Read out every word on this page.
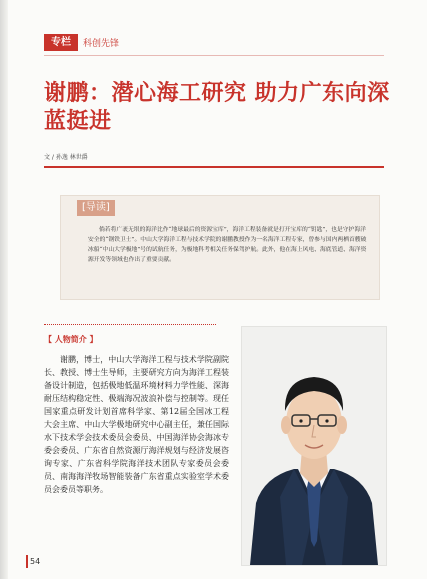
专栏	科创先锋
谢鹏：潜心海工研究 助力广东向深蓝挺进
文 / 孙逸 林世爵
[导读]

倘若将广袤无垠的海洋比作“地球最后的资源宝库”，海洋工程装备就是打开宝库的“钥匙”，也是守护海洋安全的“钢铁卫士”。中山大学海洋工程与技术学院的谢鹏教授作为一名海洋工程专家，曾参与国内两栖首艘破冰船“中山大学极地”号的试航任务，为极地科考相关任务保驾护航。此外，他在海上风电、海底管道、海洋资源开发等领域也作出了重要贡献。

【 人物简介 】

谢鹏，博士，中山大学海洋工程与技术学院副院长、教授、博士生导师，主要研究方向为海洋工程装备设计制造，包括极地低温环境材料力学性能、深海耐压结构稳定性、极端海况波浪补偿与控制等。现任国家重点研发计划首席科学家、第12届全国冰工程大会主席、中山大学极地研究中心副主任，兼任国际水下技术学会技术委员会委员、中国海洋协会海冰专委会委员、广东省自然资源厅海洋规划与经济发展咨询专家、广东省科学院海洋技术团队专家委员会委员、南海海洋牧场智能装备广东省重点实验室学术委员会委员等职务。

54
